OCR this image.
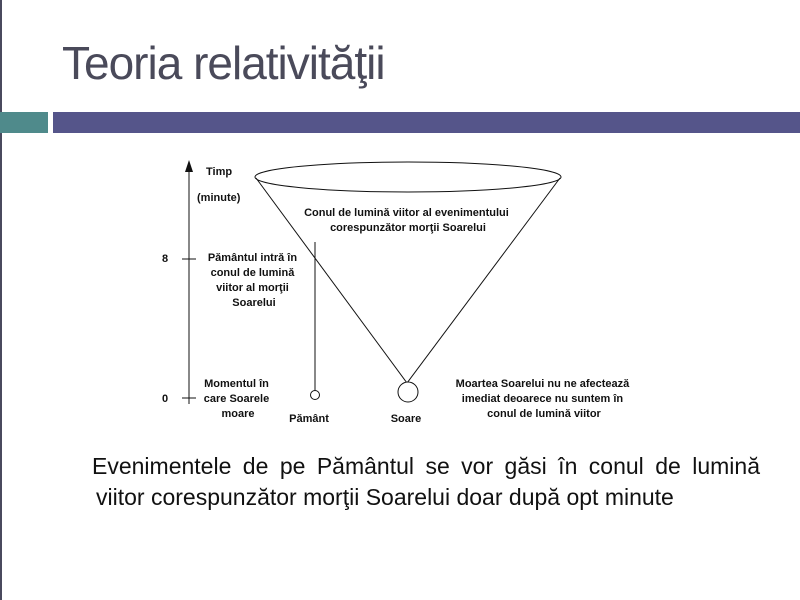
Teoria relativităţii
8
0
Timp
(minute)
Conul de lumină viitor al evenimentului corespunzător morţii Soarelui
Pământul intră în conul de lumină viitor al morţii Soarelui
Momentul în care Soarele moare	Pământ	Soare
Moartea Soarelui nu ne afectează imediat deoarece nu suntem în conul de lumină viitor

Evenimentele de pe Pământul se vor găsi în conul de lumină viitor corespunzător morţii Soarelui doar după opt minute
